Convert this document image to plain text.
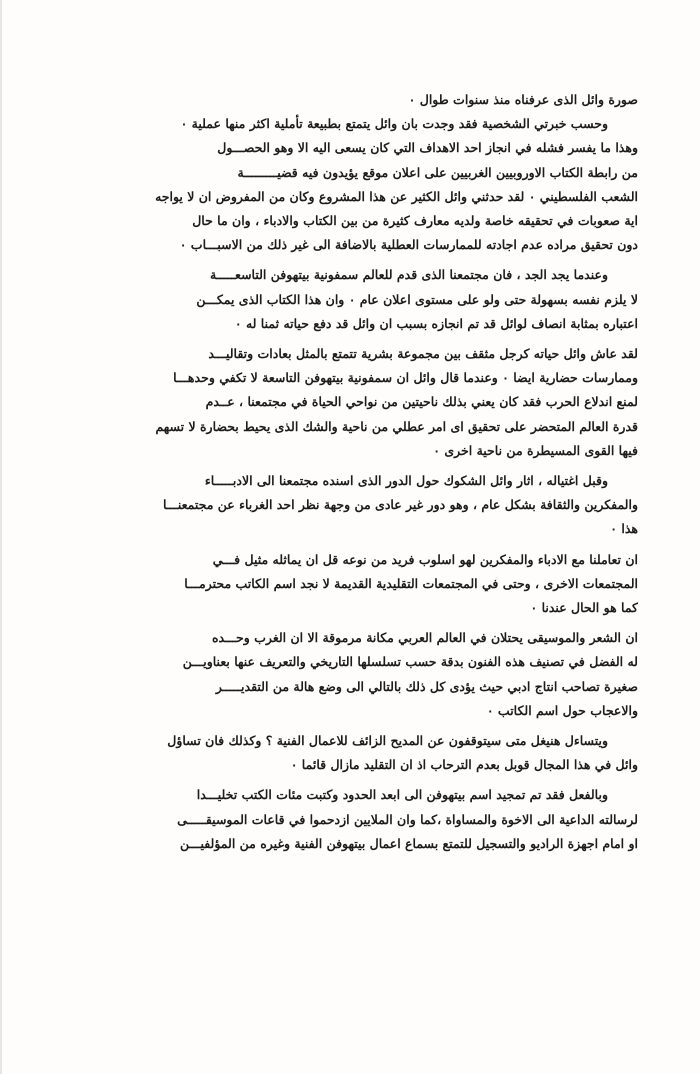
صورة وائل الذى عرفناه منذ سنوات طوال ٠
وحسب خبرتي الشخصية فقد وجدت بان وائل يتمتع بطبيعة تأملية اكثر منها عملية ٠
وهذا ما يفسر فشله في انجاز احد الاهداف التي كان يسعى اليه الا وهو الحصـــول
من رابطة الكتاب الاوروبيين الغربيين على اعلان موقع يؤيدون فيه قضيـــــــــة
الشعب الفلسطيني ٠ لقد حدثني وائل الكثير عن هذا المشروع وكان من المفروض ان لا يواجه
اية صعوبات في تحقيقه خاصة ولديه معارف كثيرة من بين الكتاب والادباء ، وان ما حال
دون تحقيق مراده عدم اجادته للممارسات العطلية بالاضافة الى غير ذلك من الاسبـــاب ٠
وعندما يجد الجد ، فان مجتمعنا الذى قدم للعالم سمفونية بيتهوفن التاسعـــــة
لا يلزم نفسه بسهولة حتى ولو على مستوى اعلان عام ٠ وان هذا الكتاب الذى يمكـــن
اعتباره بمثابة انصاف لوائل قد تم انجازه بسبب ان وائل قد دفع حياته ثمنا له ٠
لقد عاش وائل حياته كرجل مثقف بين مجموعة بشرية تتمتع بالمثل بعادات وتقاليـــد
وممارسات حضارية ايضا ٠ وعندما قال وائل ان سمفونية بيتهوفن التاسعة لا تكفي وحدهـــا
لمنع اندلاع الحرب فقد كان يعني بذلك ناحيتين من نواحي الحياة في مجتمعنا ، عــدم
قدرة العالم المتحضر على تحقيق اى امر عطلي من ناحية والشك الذى يحيط بحضارة لا تسهم
فيها القوى المسيطرة من ناحية اخرى ٠
وقبل اغتياله ، اثار وائل الشكوك حول الدور الذى اسنده مجتمعنا الى الادبـــــاء
والمفكرين والثقافة بشكل عام ، وهو دور غير عادى من وجهة نظر احد الغرباء عن مجتمعنـــا
هذا ٠
ان تعاملنا مع الادباء والمفكرين لهو اسلوب فريد من نوعه قل ان يماثله مثيل فـــي
المجتمعات الاخرى ، وحتى في المجتمعات التقليدية القديمة لا نجد اسم الكاتب محترمـــا
كما هو الحال عندنا ٠
ان الشعر والموسيقى يحتلان في العالم العربي مكانة مرموقة الا ان الغرب وحـــده
له الفضل في تصنيف هذه الفنون بدقة حسب تسلسلها التاريخي والتعريف عنها بعناويـــن
صغيرة تصاحب انتاج ادبي حيث يؤدى كل ذلك بالتالي الى وضع هالة من التقديـــــر
والاعجاب حول اسم الكاتب ٠
ويتساءل هنيغل متى سيتوقفون عن المديح الزائف للاعمال الفنية ؟ وكذلك فان تساؤل
وائل في هذا المجال قوبل بعدم الترحاب اذ ان التقليد مازال قائما ٠
وبالفعل فقد تم تمجيد اسم بيتهوفن الى ابعد الحدود وكتبت مئات الكتب تخليـــدا
لرسالته الداعية الى الاخوة والمساواة ،كما وان الملايين ازدحموا في قاعات الموسيقـــــى
او امام اجهزة الراديو والتسجيل للتمتع بسماع اعمال بيتهوفن الفنية وغيره من المؤلفيـــن
